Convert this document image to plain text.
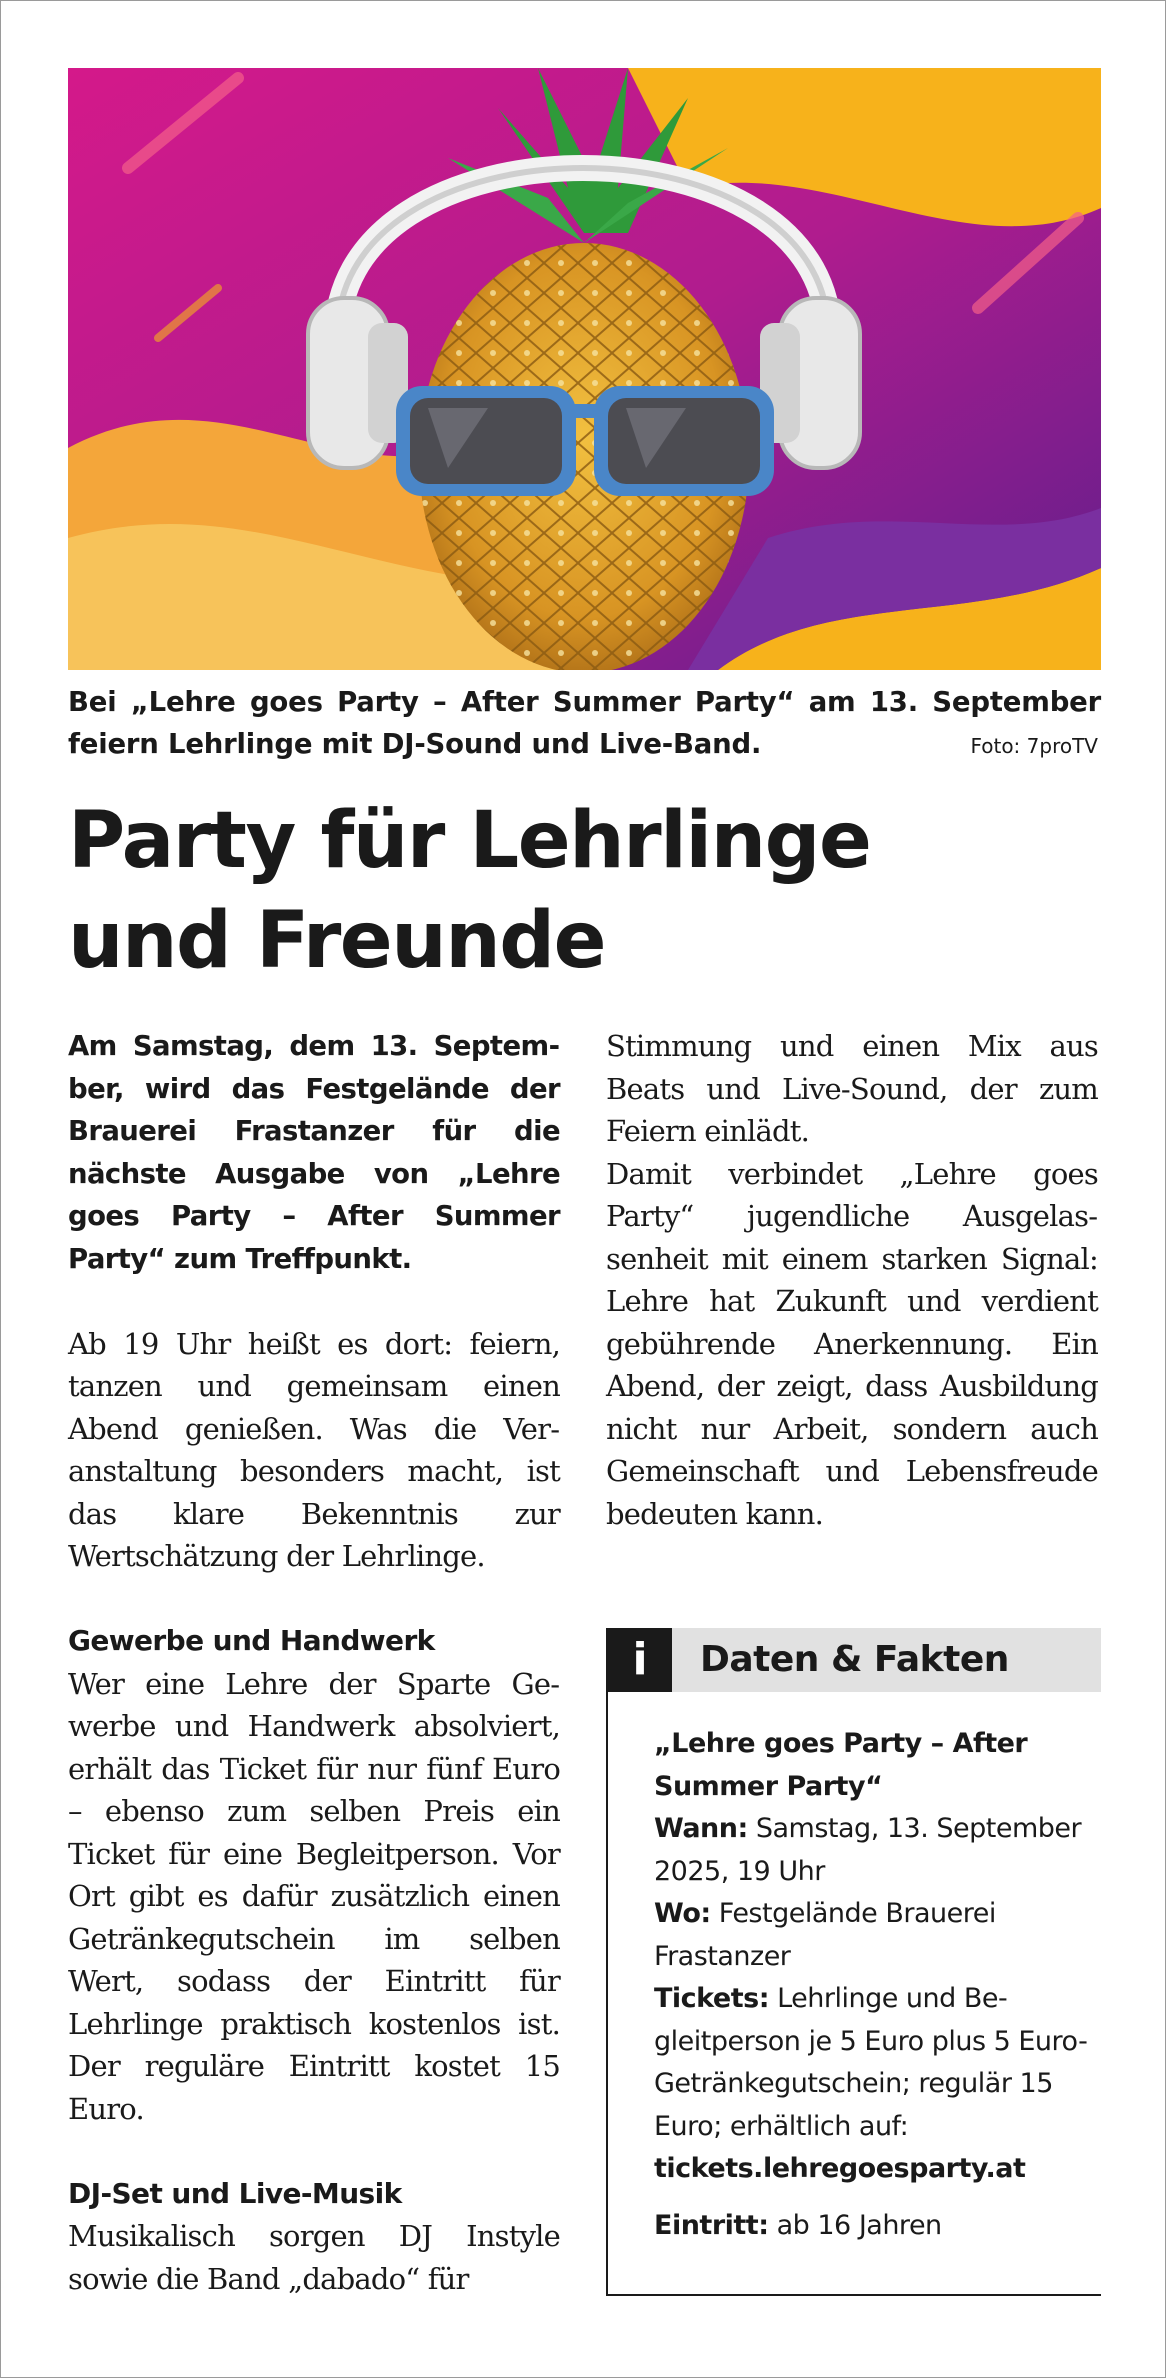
Bei „Lehre goes Party – After Summer Party“ am 13. September feiern Lehrlinge mit DJ-Sound und Live-Band.	Foto: 7proTV
Party für Lehrlinge
und Freunde

Am Samstag, dem 13. September, wird das Festgelände der Brauerei Frastanzer für die nächste Ausgabe von „Lehre goes Party – After Summer Party“ zum Treffpunkt.

Ab 19 Uhr heißt es dort: feiern, tanzen und gemeinsam einen Abend genießen. Was die Veranstaltung besonders macht, ist das klare Bekenntnis zur Wertschätzung der Lehrlinge.

Gewerbe und Handwerk

Wer eine Lehre der Sparte Gewerbe und Handwerk absolviert, erhält das Ticket für nur fünf Euro – ebenso zum selben Preis ein Ticket für eine Begleitperson. Vor Ort gibt es dafür zusätzlich einen Getränkegutschein im selben Wert, sodass der Eintritt für Lehrlinge praktisch kostenlos ist. Der reguläre Eintritt kostet 15 Euro.

DJ-Set und Live-Musik

Musikalisch sorgen DJ Instyle sowie die Band „dabado“ für

Stimmung und einen Mix aus Beats und Live-Sound, der zum Feiern einlädt.

Damit verbindet „Lehre goes Party“ jugendliche Ausgelassenheit mit einem starken Signal: Lehre hat Zukunft und verdient gebührende Anerkennung. Ein Abend, der zeigt, dass Ausbildung nicht nur Arbeit, sondern auch Gemeinschaft und Lebensfreude bedeuten kann.

i	Daten & Fakten

„Lehre goes Party – After Summer Party“

Wann: Samstag, 13. September 2025, 19 Uhr

Wo: Festgelände Brauerei Frastanzer

Tickets: Lehrlinge und Begleitperson je 5 Euro plus 5 Euro-Getränkegutschein; regulär 15 Euro; erhältlich auf:
tickets.lehregoesparty.at

Eintritt: ab 16 Jahren
